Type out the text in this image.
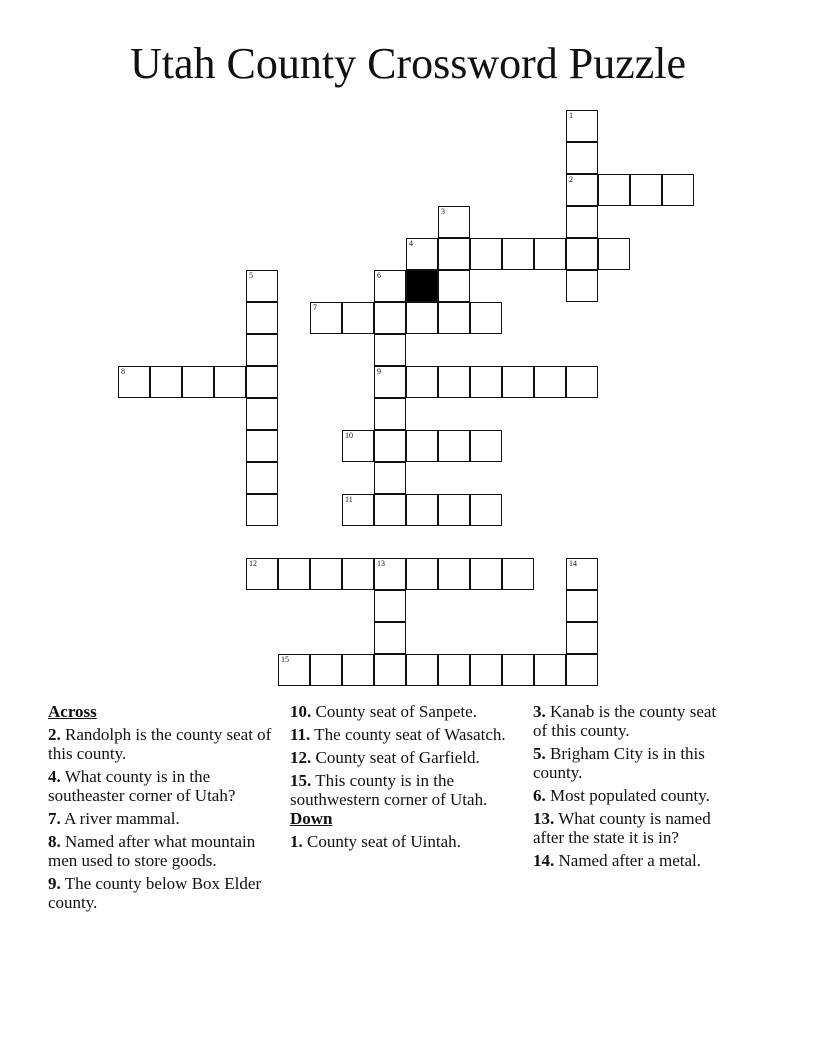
Utah County Crossword Puzzle
1
2
3
4
5	6
9
7
8
10
11
12	13	14
15
Across
2. Randolph is the county seat of this county.
4. What county is in the southeaster corner of Utah?
7. A river mammal.
8. Named after what mountain men used to store goods.
9. The county below Box Elder county.
10. County seat of Sanpete.
11. The county seat of Wasatch.
12. County seat of Garfield.
15. This county is in the southwestern corner of Utah.
Down
1. County seat of Uintah.
3. Kanab is the county seat of this county.
5. Brigham City is in this county.
6. Most populated county.
13. What county is named after the state it is in?
14. Named after a metal.
